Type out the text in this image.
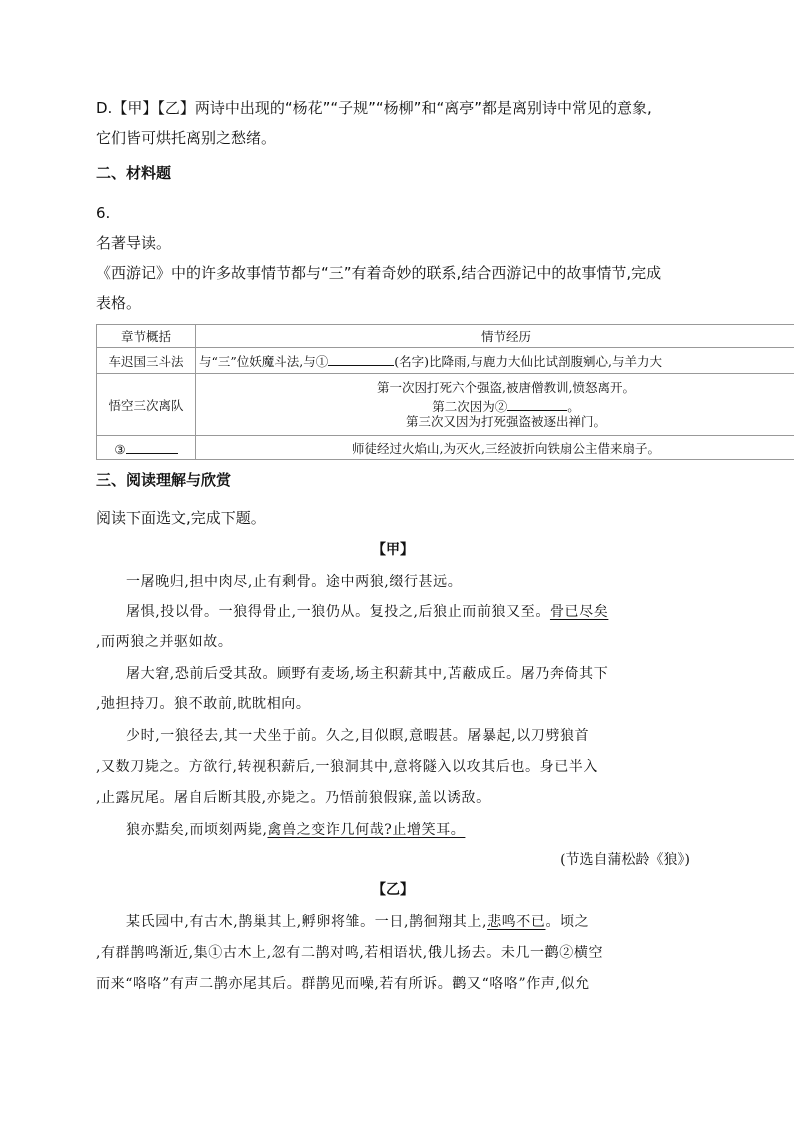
D.【甲】【乙】两诗中出现的“杨花”“子规”“杨柳”和“离亭”都是离别诗中常见的意象,
它们皆可烘托离别之愁绪。
二、材料题
6.
名著导读。
《西游记》中的许多故事情节都与“三”有着奇妙的联系,结合西游记中的故事情节,完成
表格。
章节概括	情节经历
车迟国三斗法	与“三”位妖魔斗法,与① (名字)比降雨,与鹿力大仙比试剖腹剜心,与羊力大
悟空三次离队	第一次因打死六个强盗,被唐僧教训,愤怒离开。
第二次因为② 。
第三次又因为打死强盗被逐出禅门。

③	师徒经过火焰山,为灭火,三经波折向铁扇公主借来扇子。
三、阅读理解与欣赏
阅读下面选文,完成下题。
【甲】
一屠晚归,担中肉尽,止有剩骨。途中两狼,缀行甚远。
屠惧,投以骨。一狼得骨止,一狼仍从。复投之,后狼止而前狼又至。骨已尽矣
,而两狼之并驱如故。
屠大窘,恐前后受其敌。顾野有麦场,场主积薪其中,苫蔽成丘。屠乃奔倚其下
,弛担持刀。狼不敢前,眈眈相向。
少时,一狼径去,其一犬坐于前。久之,目似瞑,意暇甚。屠暴起,以刀劈狼首
,又数刀毙之。方欲行,转视积薪后,一狼洞其中,意将隧入以攻其后也。身已半入
,止露尻尾。屠自后断其股,亦毙之。乃悟前狼假寐,盖以诱敌。
狼亦黠矣,而顷刻两毙,禽兽之变诈几何哉?止增笑耳。
(节选自蒲松龄《狼》)
【乙】
某氏园中,有古木,鹊巢其上,孵卵将雏。一日,鹊徊翔其上,悲鸣不已。顷之
,有群鹊鸣渐近,集①古木上,忽有二鹊对鸣,若相语状,俄儿扬去。未几一鹳②横空
而来“咯咯”有声二鹊亦尾其后。群鹊见而噪,若有所诉。鹳又“咯咯”作声,似允
